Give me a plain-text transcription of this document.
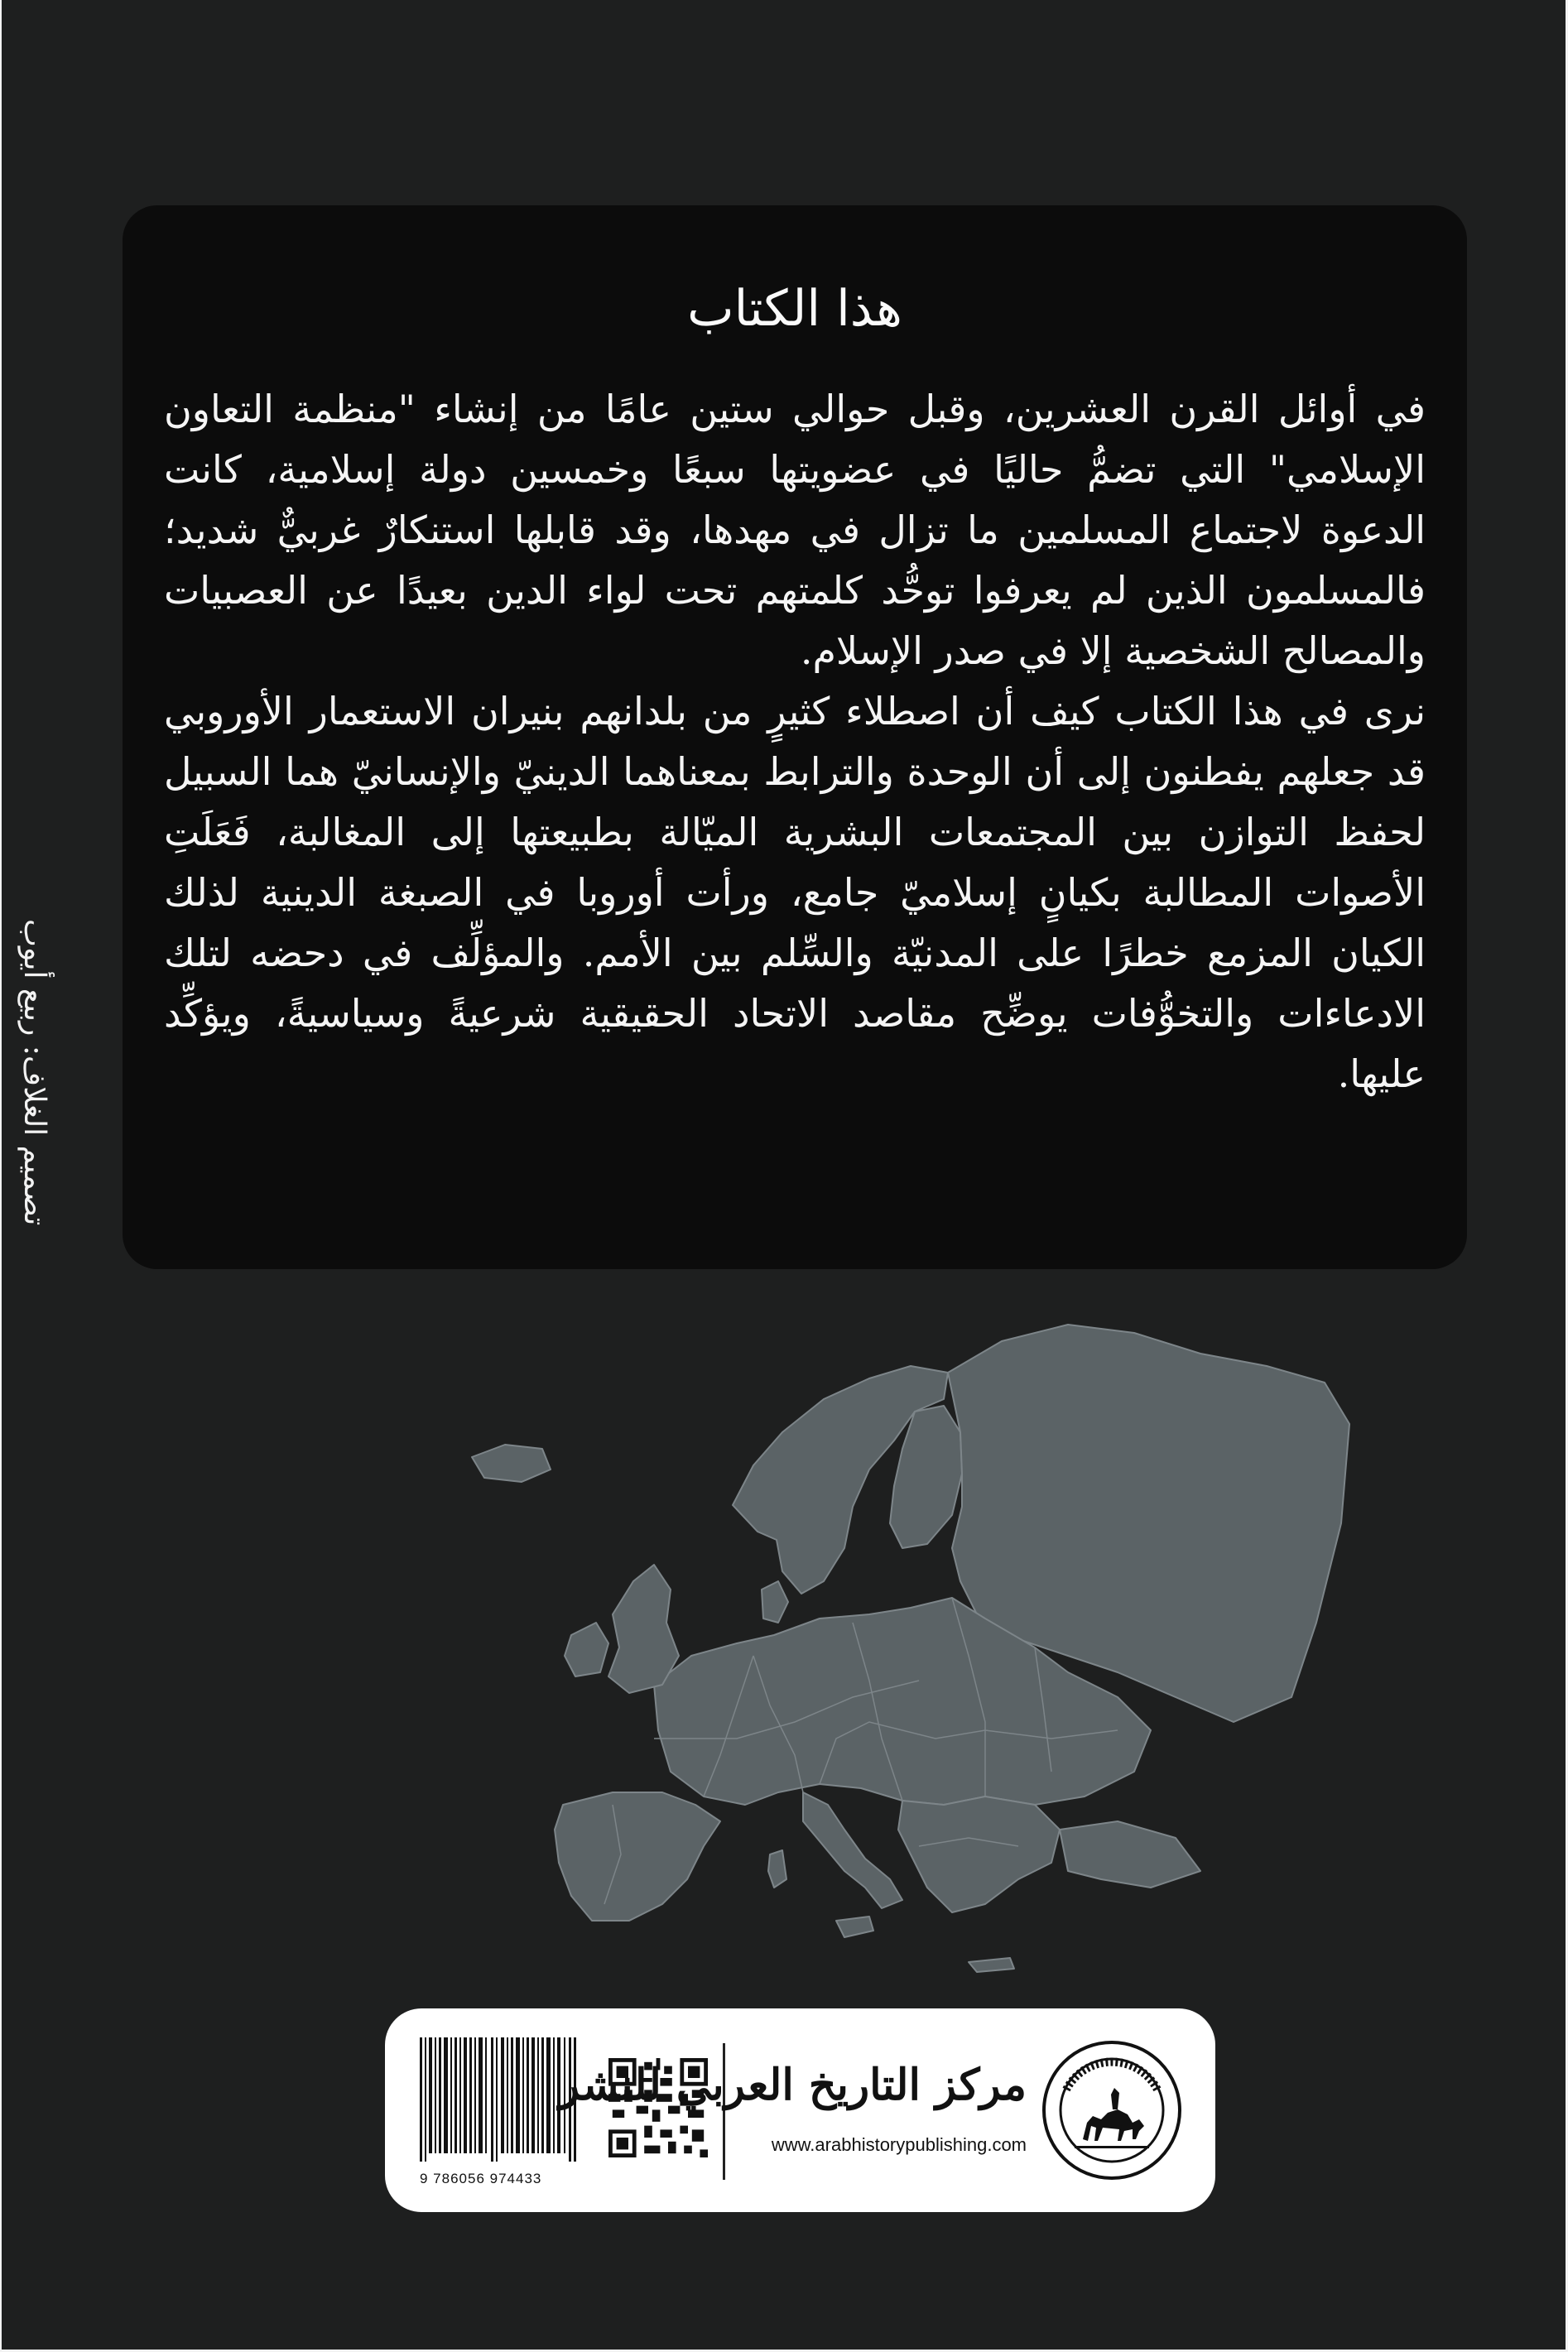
هذا الكتاب

في أوائل القرن العشرين، وقبل حوالي ستين عامًا من إنشاء "منظمة التعاون الإسلامي" التي تضمُّ حاليًا في عضويتها سبعًا وخمسين دولة إسلامية، كانت الدعوة لاجتماع المسلمين ما تزال في مهدها، وقد قابلها استنكارٌ غربيٌّ شديد؛ فالمسلمون الذين لم يعرفوا توحُّد كلمتهم تحت لواء الدين بعيدًا عن العصبيات والمصالح الشخصية إلا في صدر الإسلام.

نرى في هذا الكتاب كيف أن اصطلاء كثيرٍ من بلدانهم بنيران الاستعمار الأوروبي قد جعلهم يفطنون إلى أن الوحدة والترابط بمعناهما الدينيّ والإنسانيّ هما السبيل لحفظ التوازن بين المجتمعات البشرية الميّالة بطبيعتها إلى المغالبة، فَعَلَتِ الأصوات المطالبة بكيانٍ إسلاميّ جامع، ورأت أوروبا في الصبغة الدينية لذلك الكيان المزمع خطرًا على المدنيّة والسِّلم بين الأمم. والمؤلِّف في دحضه لتلك الادعاءات والتخوُّفات يوضِّح مقاصد الاتحاد الحقيقية شرعيةً وسياسيةً، ويؤكِّد عليها.

تصميم الغلاف: ربيع أيوب
9 786056 974433
مركز التاريخ العربي للنشر
www.arabhistorypublishing.com
